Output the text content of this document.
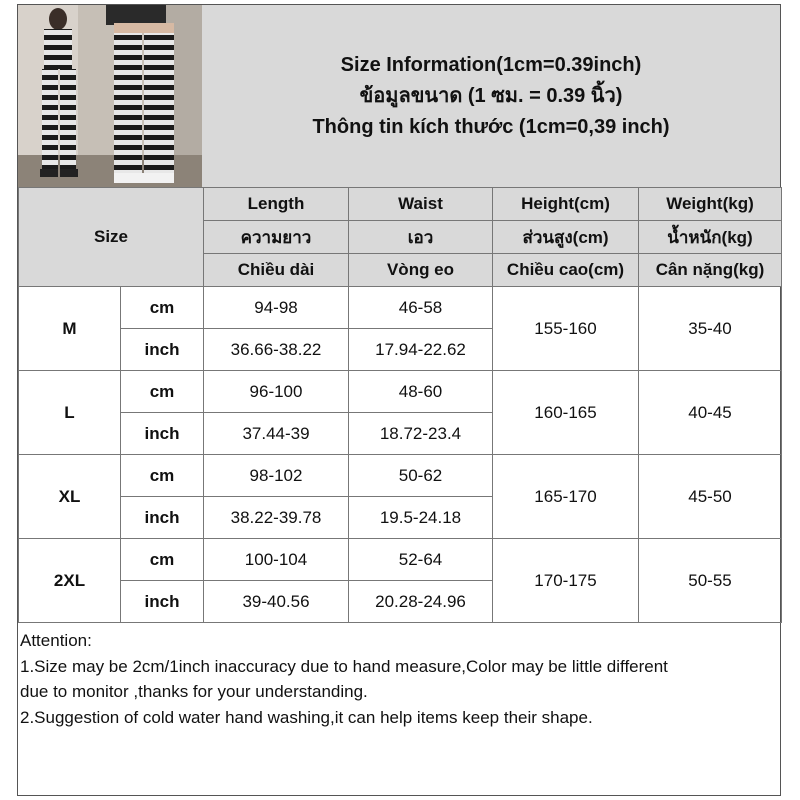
Size Information(1cm=0.39inch)
ข้อมูลขนาด (1 ซม. = 0.39 นิ้ว)
Thông tin kích thước (1cm=0,39 inch)
Size		Length	Waist	Height(cm)	Weight(kg)
		ความยาว	เอว	ส่วนสูง(cm)	น้ำหนัก(kg)
		Chiều dài	Vòng eo	Chiều cao(cm)	Cân nặng(kg)
M	cm	94-98	46-58	155-160	35-40
	inch	36.66-38.22	17.94-22.62		
L	cm	96-100	48-60	160-165	40-45
	inch	37.44-39	18.72-23.4		
XL	cm	98-102	50-62	165-170	45-50
	inch	38.22-39.78	19.5-24.18		
2XL	cm	100-104	52-64	170-175	50-55
	inch	39-40.56	20.28-24.96		
Attention:
1.Size may be 2cm/1inch inaccuracy due to hand measure,Color may be little different
due to monitor ,thanks for your understanding.
2.Suggestion of cold water hand washing,it can help items keep their shape.
